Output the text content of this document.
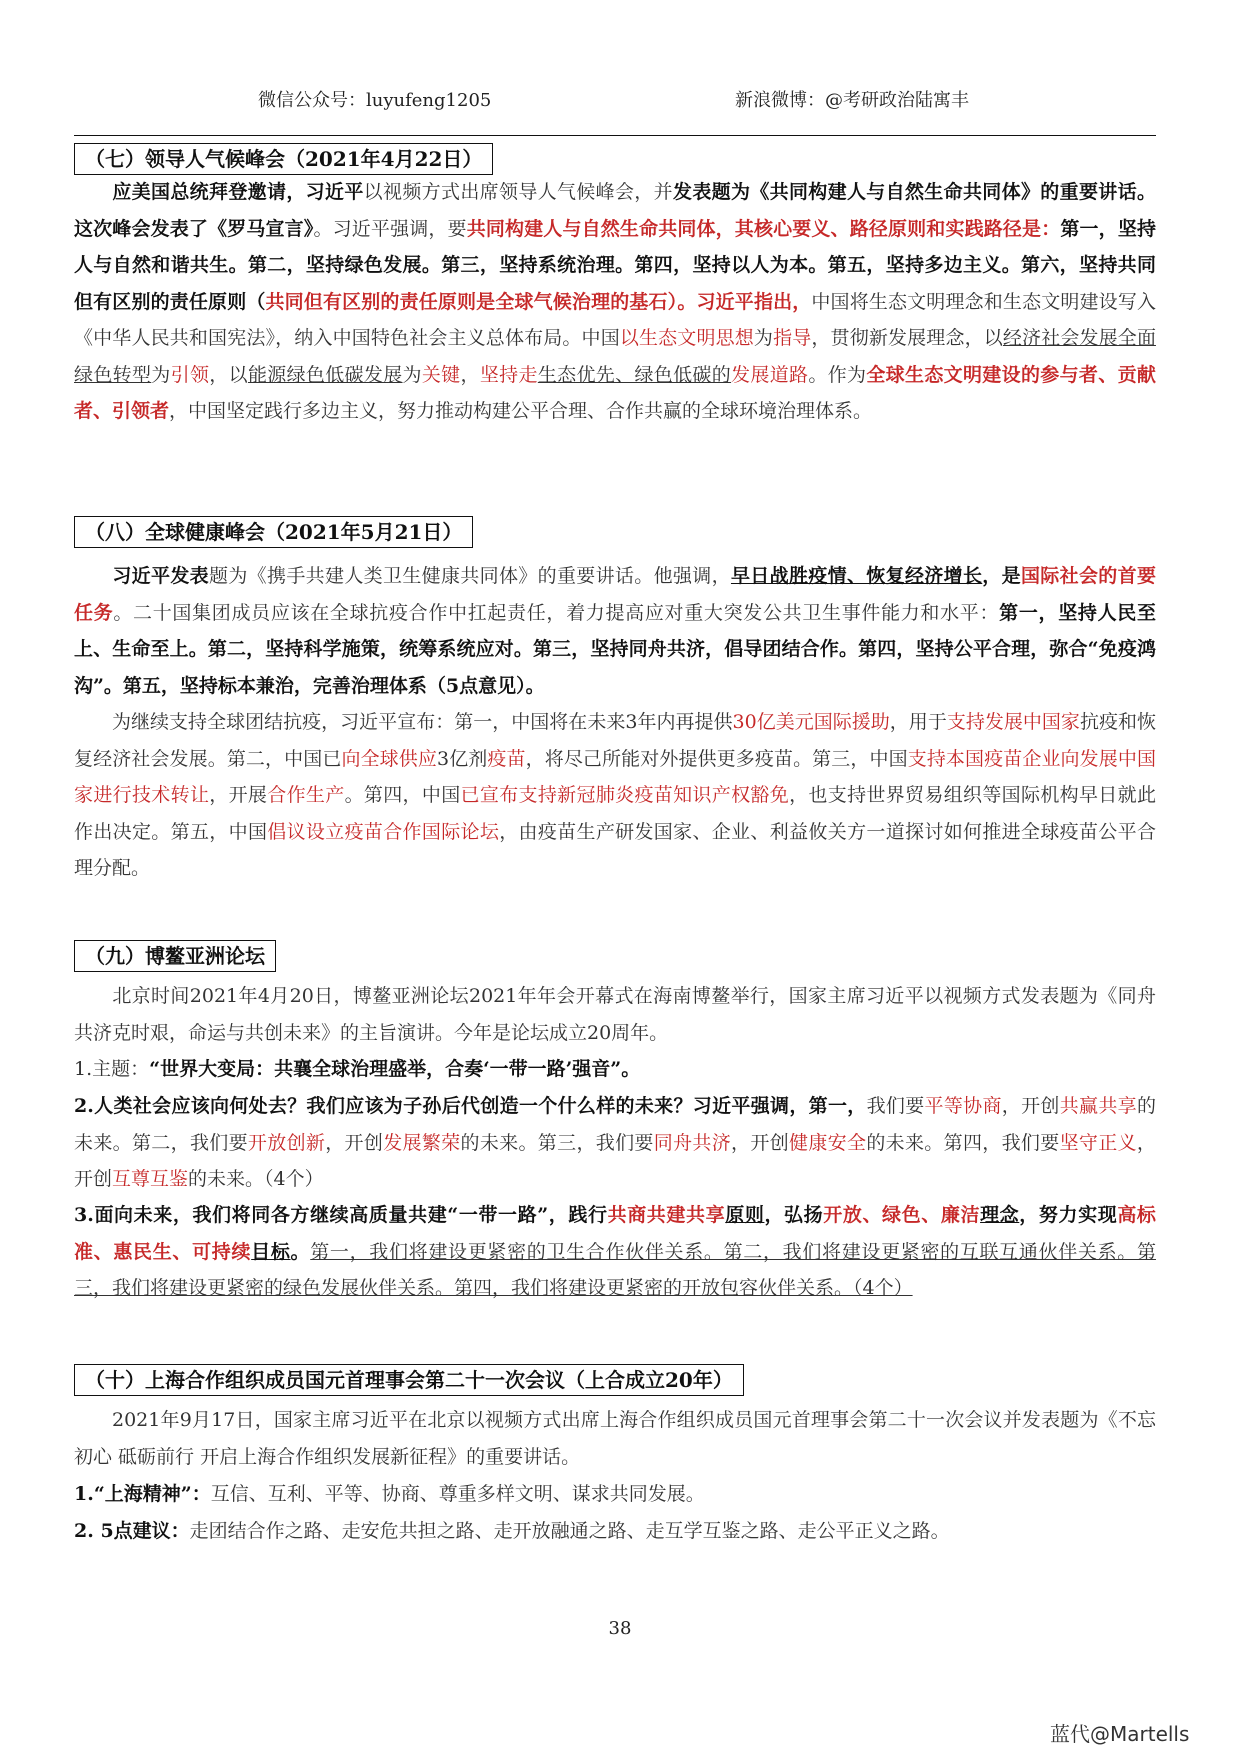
微信公众号：luyufeng1205	新浪微博：@考研政治陆寓丰
（七）领导人气候峰会（2021年4月22日）
应美国总统拜登邀请，习近平以视频方式出席领导人气候峰会，并发表题为《共同构建人与自然生命共同体》的重要讲话。这次峰会发表了《罗马宣言》。习近平强调，要共同构建人与自然生命共同体，其核心要义、路径原则和实践路径是：第一，坚持人与自然和谐共生。第二，坚持绿色发展。第三，坚持系统治理。第四，坚持以人为本。第五，坚持多边主义。第六，坚持共同但有区别的责任原则（共同但有区别的责任原则是全球气候治理的基石）。习近平指出，中国将生态文明理念和生态文明建设写入《中华人民共和国宪法》，纳入中国特色社会主义总体布局。中国以生态文明思想为指导，贯彻新发展理念，以经济社会发展全面绿色转型为引领，以能源绿色低碳发展为关键，坚持走生态优先、绿色低碳的发展道路。作为全球生态文明建设的参与者、贡献者、引领者，中国坚定践行多边主义，努力推动构建公平合理、合作共赢的全球环境治理体系。
（八）全球健康峰会（2021年5月21日）
习近平发表题为《携手共建人类卫生健康共同体》的重要讲话。他强调，早日战胜疫情、恢复经济增长，是国际社会的首要任务。二十国集团成员应该在全球抗疫合作中扛起责任，着力提高应对重大突发公共卫生事件能力和水平：第一，坚持人民至上、生命至上。第二，坚持科学施策，统筹系统应对。第三，坚持同舟共济，倡导团结合作。第四，坚持公平合理，弥合“免疫鸿沟”。第五，坚持标本兼治，完善治理体系（5点意见）。
为继续支持全球团结抗疫，习近平宣布：第一，中国将在未来3年内再提供30亿美元国际援助，用于支持发展中国家抗疫和恢复经济社会发展。第二，中国已向全球供应3亿剂疫苗，将尽己所能对外提供更多疫苗。第三，中国支持本国疫苗企业向发展中国家进行技术转让，开展合作生产。第四，中国已宣布支持新冠肺炎疫苗知识产权豁免，也支持世界贸易组织等国际机构早日就此作出决定。第五，中国倡议设立疫苗合作国际论坛，由疫苗生产研发国家、企业、利益攸关方一道探讨如何推进全球疫苗公平合理分配。
（九）博鳌亚洲论坛
北京时间2021年4月20日，博鳌亚洲论坛2021年年会开幕式在海南博鳌举行，国家主席习近平以视频方式发表题为《同舟共济克时艰，命运与共创未来》的主旨演讲。今年是论坛成立20周年。
1.主题：“世界大变局：共襄全球治理盛举，合奏‘一带一路’强音”。
2.人类社会应该向何处去？我们应该为子孙后代创造一个什么样的未来？习近平强调，第一，我们要平等协商，开创共赢共享的未来。第二，我们要开放创新，开创发展繁荣的未来。第三，我们要同舟共济，开创健康安全的未来。第四，我们要坚守正义，开创互尊互鉴的未来。（4个）
3.面向未来，我们将同各方继续高质量共建“一带一路”，践行共商共建共享原则，弘扬开放、绿色、廉洁理念，努力实现高标准、惠民生、可持续目标。第一，我们将建设更紧密的卫生合作伙伴关系。第二，我们将建设更紧密的互联互通伙伴关系。第三，我们将建设更紧密的绿色发展伙伴关系。第四，我们将建设更紧密的开放包容伙伴关系。（4个）
（十）上海合作组织成员国元首理事会第二十一次会议（上合成立20年）
2021年9月17日，国家主席习近平在北京以视频方式出席上海合作组织成员国元首理事会第二十一次会议并发表题为《不忘初心 砥砺前行 开启上海合作组织发展新征程》的重要讲话。
1.“上海精神”：互信、互利、平等、协商、尊重多样文明、谋求共同发展。
2. 5点建议：走团结合作之路、走安危共担之路、走开放融通之路、走互学互鉴之路、走公平正义之路。
38
蓝代@Martells
